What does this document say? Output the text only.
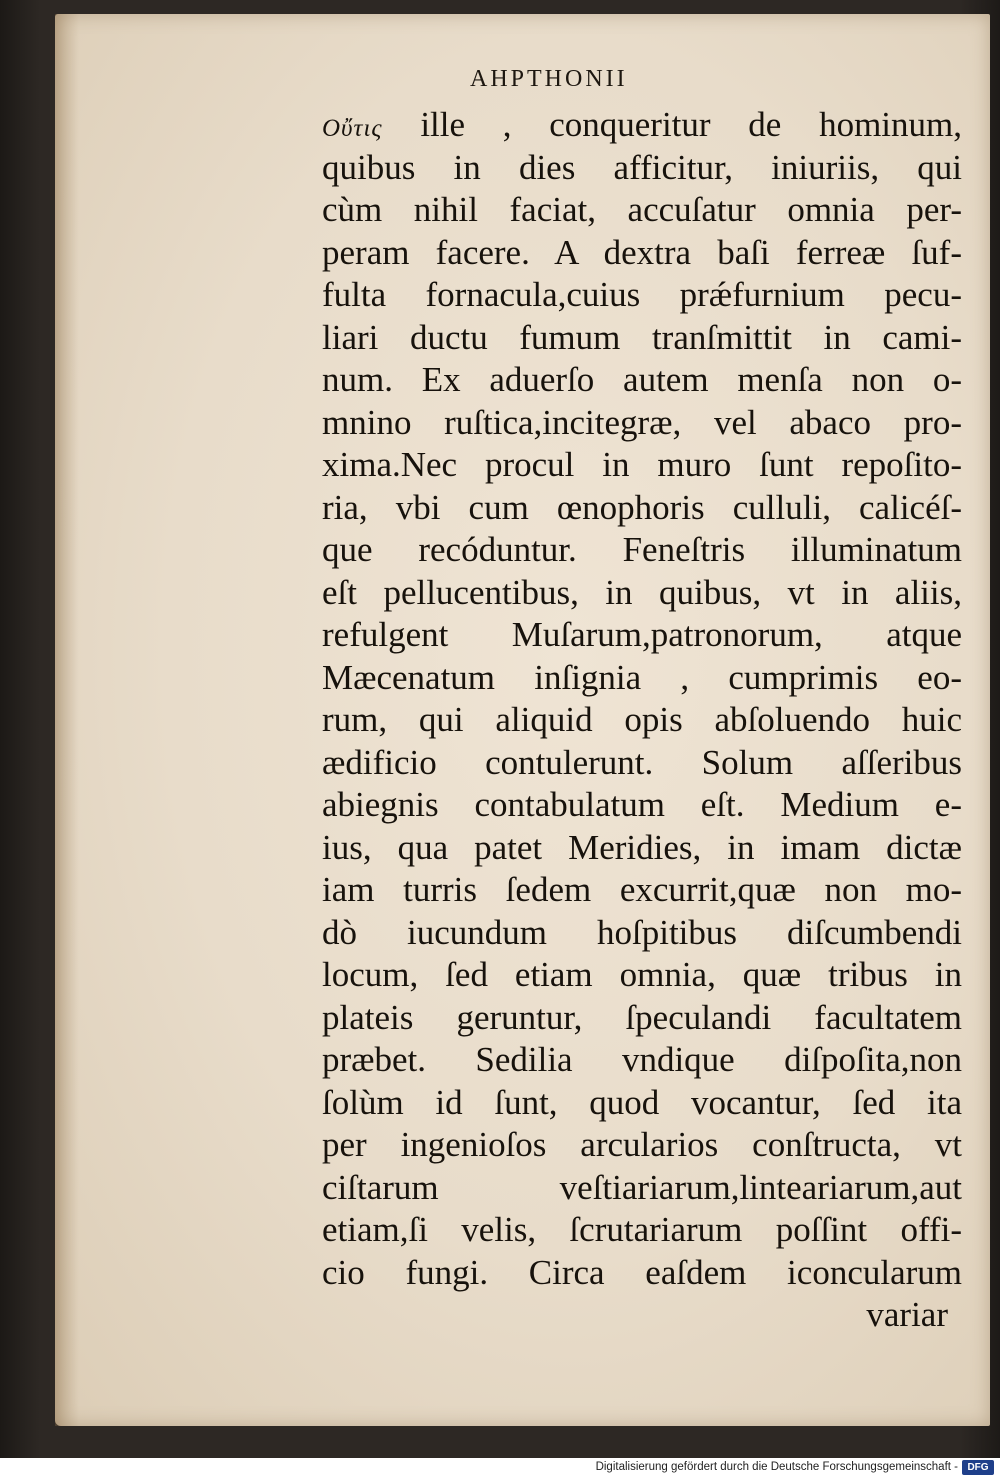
AHPTHONII
Οὔτις ille , conqueritur de hominum,
quibus in dies afficitur, iniuriis, qui
cùm nihil faciat, accuſatur omnia per-
peram facere. A dextra baſi ferreæ ſuf-
fulta fornacula,cuius prǽfurnium pecu-
liari ductu fumum tranſmittit in cami-
num. Ex aduerſo autem menſa non o-
mnino ruſtica,incitegræ, vel abaco pro-
xima.Nec procul in muro ſunt repoſito-
ria, vbi cum œnophoris culluli, calicéſ-
que recóduntur. Feneſtris illuminatum
eſt pellucentibus, in quibus, vt in aliis,
refulgent Muſarum,patronorum, atque
Mæcenatum inſignia , cumprimis eo-
rum, qui aliquid opis abſoluendo huic
ædificio contulerunt. Solum aſſeribus
abiegnis contabulatum eſt. Medium e-
ius, qua patet Meridies, in imam dictæ
iam turris ſedem excurrit,quæ non mo-
dò iucundum hoſpitibus diſcumbendi
locum, ſed etiam omnia, quæ tribus in
plateis geruntur, ſpeculandi facultatem
præbet. Sedilia vndique diſpoſita,non
ſolùm id ſunt, quod vocantur, ſed ita
per ingenioſos arcularios conſtructa, vt
ciſtarum veſtiariarum,linteariarum,aut
etiam,ſi velis, ſcrutariarum poſſint offi-
cio fungi. Circa eaſdem iconcularum
variar
Digitalisierung gefördert durch die Deutsche Forschungsgemeinschaft - DFG
